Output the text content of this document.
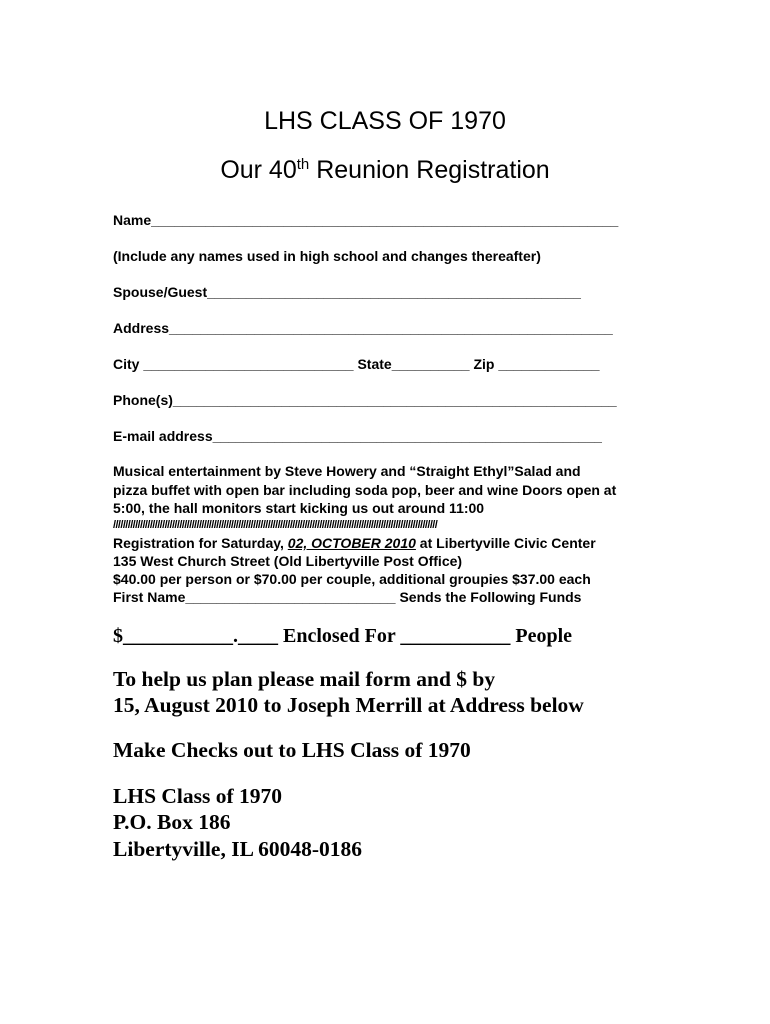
LHS CLASS OF 1970
Our 40th Reunion Registration
Name____________________________________________________________
(Include any names used in high school and changes thereafter)
Spouse/Guest________________________________________________
Address_________________________________________________________
City ___________________________ State__________ Zip _____________
Phone(s)_________________________________________________________
E-mail address__________________________________________________
Musical entertainment by Steve Howery and “Straight Ethyl”Salad and
pizza buffet with open bar including soda pop, beer and wine Doors open at
5:00, the hall monitors start kicking us out around 11:00
////////////////////////////////////////////////////////////////////////////////////////////////////////////////////////////////////
Registration for Saturday, 02, OCTOBER 2010 at Libertyville Civic Center
135 West Church Street (Old Libertyville Post Office)
$40.00 per person or $70.00 per couple, additional groupies $37.00 each
First Name___________________________ Sends the Following Funds
$___________.____ Enclosed For ___________ People
To help us plan please mail form and $ by
15, August 2010 to Joseph Merrill at Address below
Make Checks out to LHS Class of 1970
LHS Class of 1970
P.O. Box 186
Libertyville, IL 60048-0186
